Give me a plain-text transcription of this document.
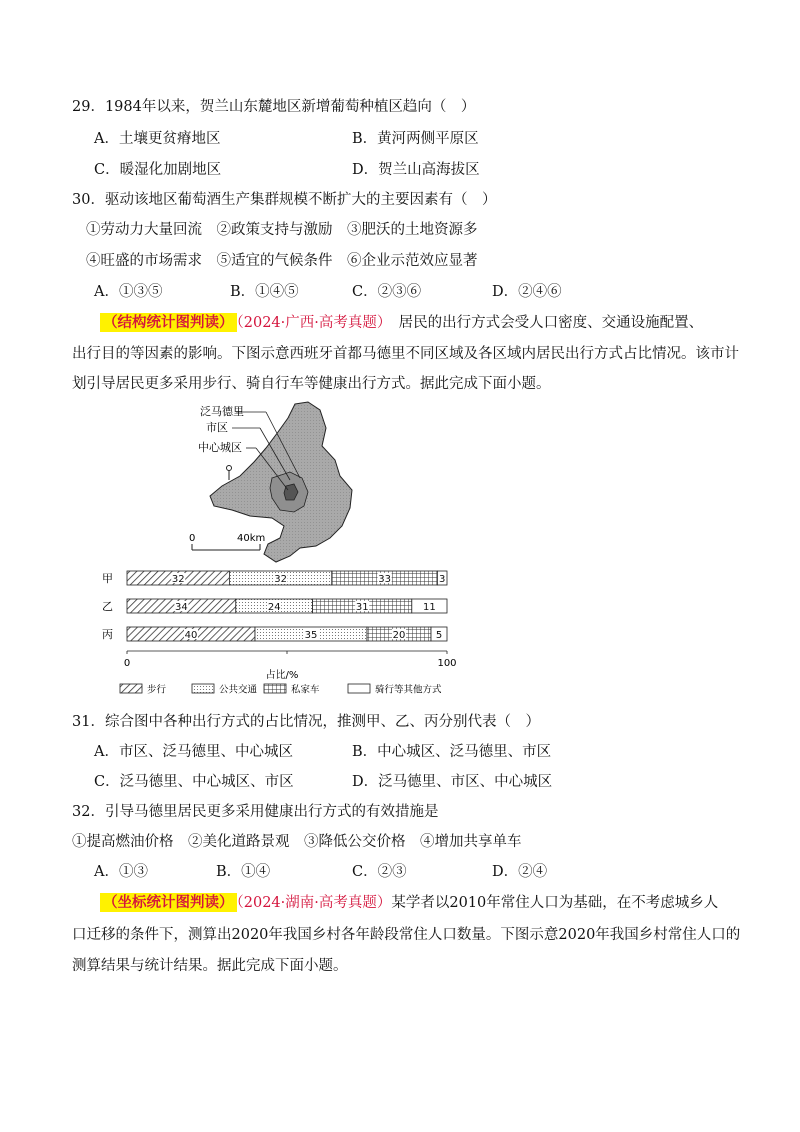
29．1984年以来，贺兰山东麓地区新增葡萄种植区趋向（　）
A．土壤更贫瘠地区	B．黄河两侧平原区
C．暖湿化加剧地区	D．贺兰山高海拔区
30．驱动该地区葡萄酒生产集群规模不断扩大的主要因素有（　）
①劳动力大量回流　②政策支持与激励　③肥沃的土地资源多
④旺盛的市场需求　⑤适宜的气候条件　⑥企业示范效应显著
A．①③⑤	B．①④⑤	C．②③⑥	D．②④⑥
（结构统计图判读） （2024·广西·高考真题）　居民的出行方式会受人口密度、交通设施配置、
出行目的等因素的影响。下图示意西班牙首都马德里不同区域及各区域内居民出行方式占比情况。该市计
划引导居民更多采用步行、骑自行车等健康出行方式。据此完成下面小题。
泛马德里
市区
中心城区
0	40km
32	32	33	3
34	24	31	11
40	35	20	5
甲
乙
丙
0	100
占比/%
步行	公共交通	私家车	骑行等其他方式
31．综合图中各种出行方式的占比情况，推测甲、乙、丙分别代表（　）
A．市区、泛马德里、中心城区	B．中心城区、泛马德里、市区
C．泛马德里、中心城区、市区	D．泛马德里、市区、中心城区
32．引导马德里居民更多采用健康出行方式的有效措施是
①提高燃油价格　②美化道路景观　③降低公交价格　④增加共享单车
A．①③	B．①④	C．②③	D．②④
（坐标统计图判读） （2024·湖南·高考真题）某学者以2010年常住人口为基础，在不考虑城乡人
口迁移的条件下，测算出2020年我国乡村各年龄段常住人口数量。下图示意2020年我国乡村常住人口的
测算结果与统计结果。据此完成下面小题。
